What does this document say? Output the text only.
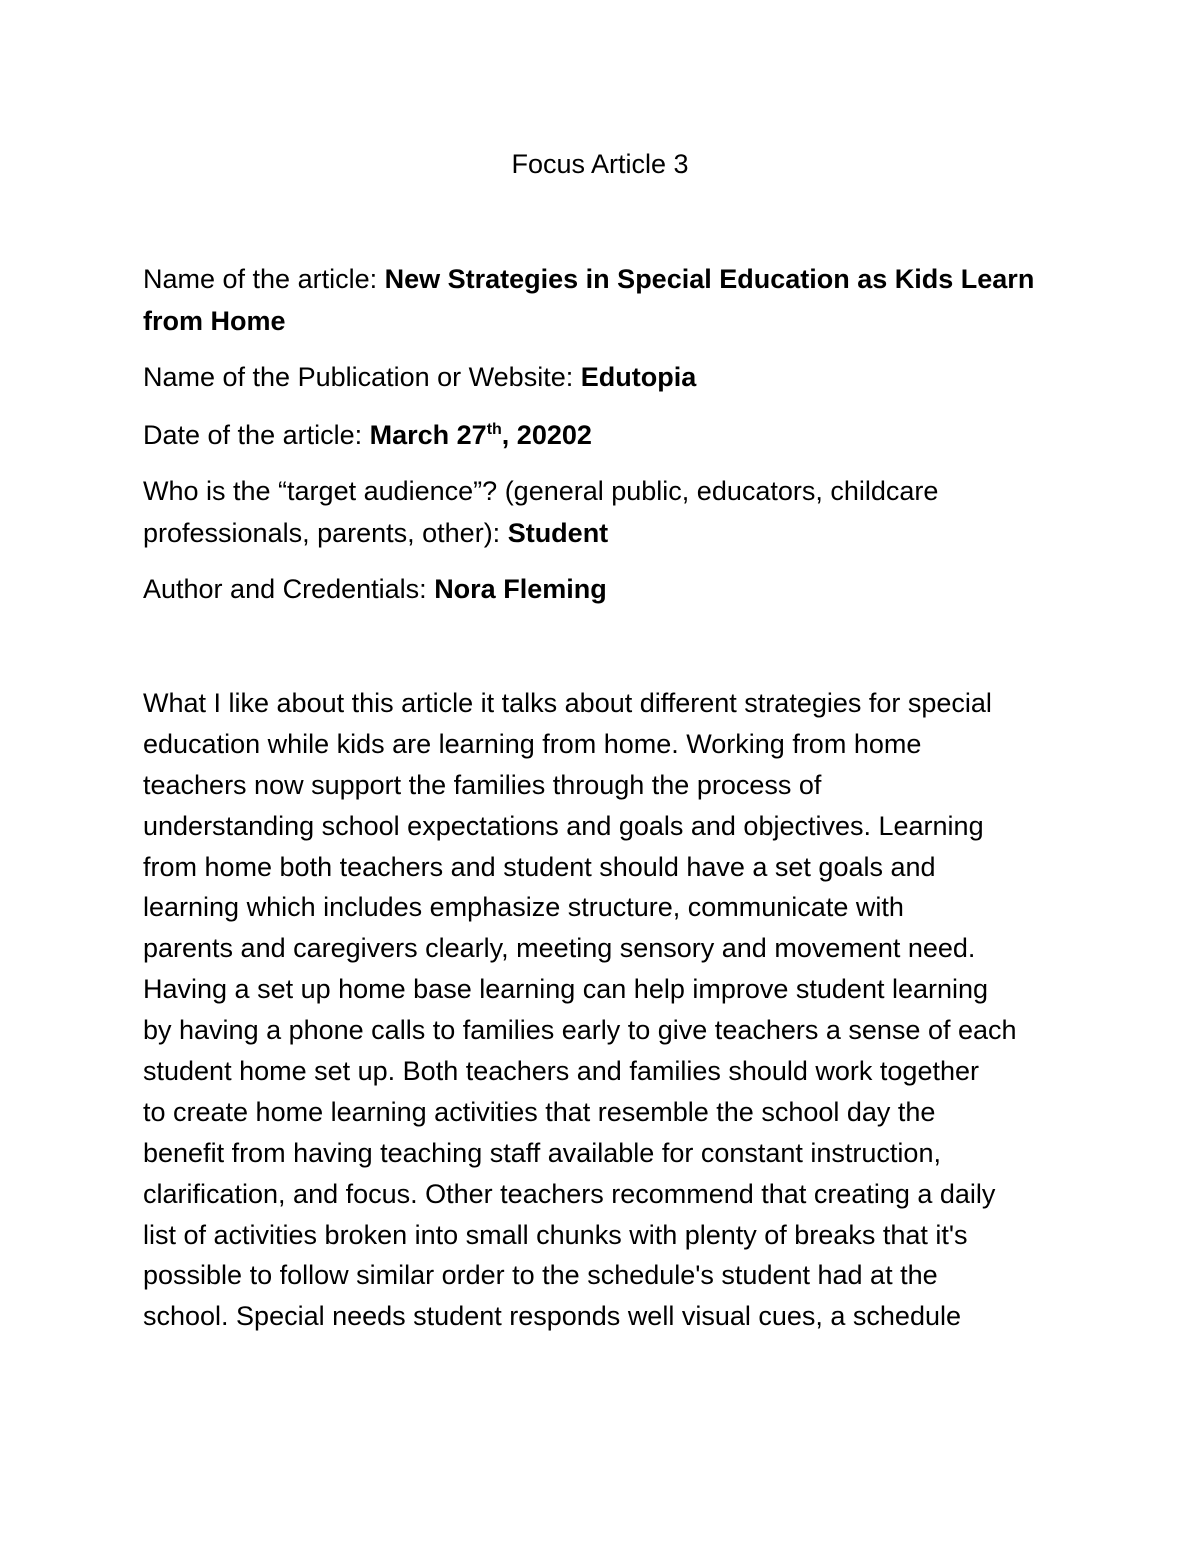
Focus Article 3
Name of the article: New Strategies in Special Education as Kids Learn
from Home
Name of the Publication or Website: Edutopia
Date of the article: March 27th, 20202
Who is the “target audience”? (general public, educators, childcare
professionals, parents, other): Student
Author and Credentials: Nora Fleming
What I like about this article it talks about different strategies for special
education while kids are learning from home. Working from home
teachers now support the families through the process of
understanding school expectations and goals and objectives. Learning
from home both teachers and student should have a set goals and
learning which includes emphasize structure, communicate with
parents and caregivers clearly, meeting sensory and movement need.
Having a set up home base learning can help improve student learning
by having a phone calls to families early to give teachers a sense of each
student home set up. Both teachers and families should work together
to create home learning activities that resemble the school day the
benefit from having teaching staff available for constant instruction,
clarification, and focus. Other teachers recommend that creating a daily
list of activities broken into small chunks with plenty of breaks that it's
possible to follow similar order to the schedule's student had at the
school. Special needs student responds well visual cues, a schedule
